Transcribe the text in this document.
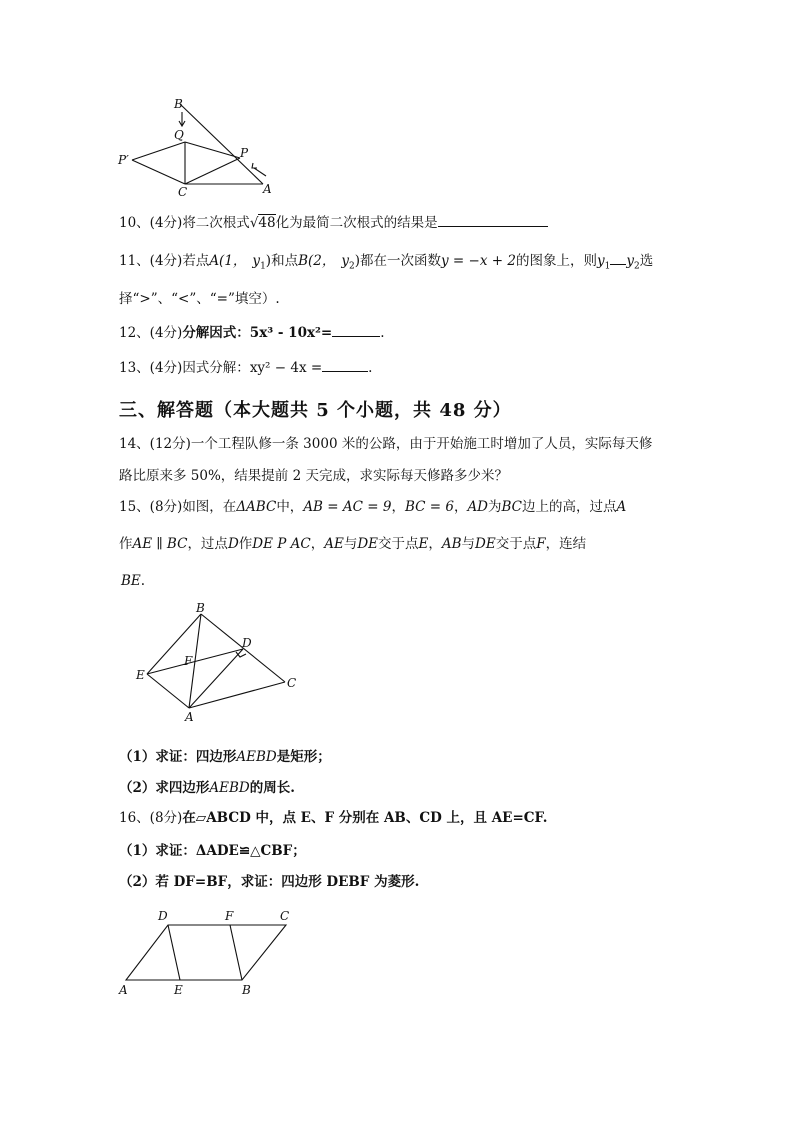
B
Q
P′	P
C	A
10、(4分)将二次根式√48化为最简二次根式的结果是
11、(4分)若点A(1， $y_1$)和点B(2， $y_2$)都在一次函数y = −x + 2的图象上，则$y_1$ $y_2$选
择“>”、“<”、“=”填空）.
12、(4分)分解因式：5x³ - 10x²=	.
13、(4分)因式分解：xy² − 4x =	.
三、解答题（本大题共 5 个小题，共 48 分）
14、(12分)一个工程队修一条 3000 米的公路，由于开始施工时增加了人员，实际每天修
路比原来多 50%，结果提前 2 天完成，求实际每天修路多少米？
15、(8分)如图，在ΔABC中，AB = AC = 9，BC = 6，AD为BC边上的高，过点A
作AE ∥ BC，过点D作DE P AC，AE与DE交于点E，AB与DE交于点F，连结
BE.
B
D
F
E
C
A
（1）求证：四边形AEBD是矩形；
（2）求四边形AEBD的周长.
16、(8分)在▱ABCD 中，点 E、F 分别在 AB、CD 上，且 AE=CF.
（1）求证：ΔADE≌△CBF；
（2）若 DF=BF，求证：四边形 DEBF 为菱形.
D	F	C
A	E	B
